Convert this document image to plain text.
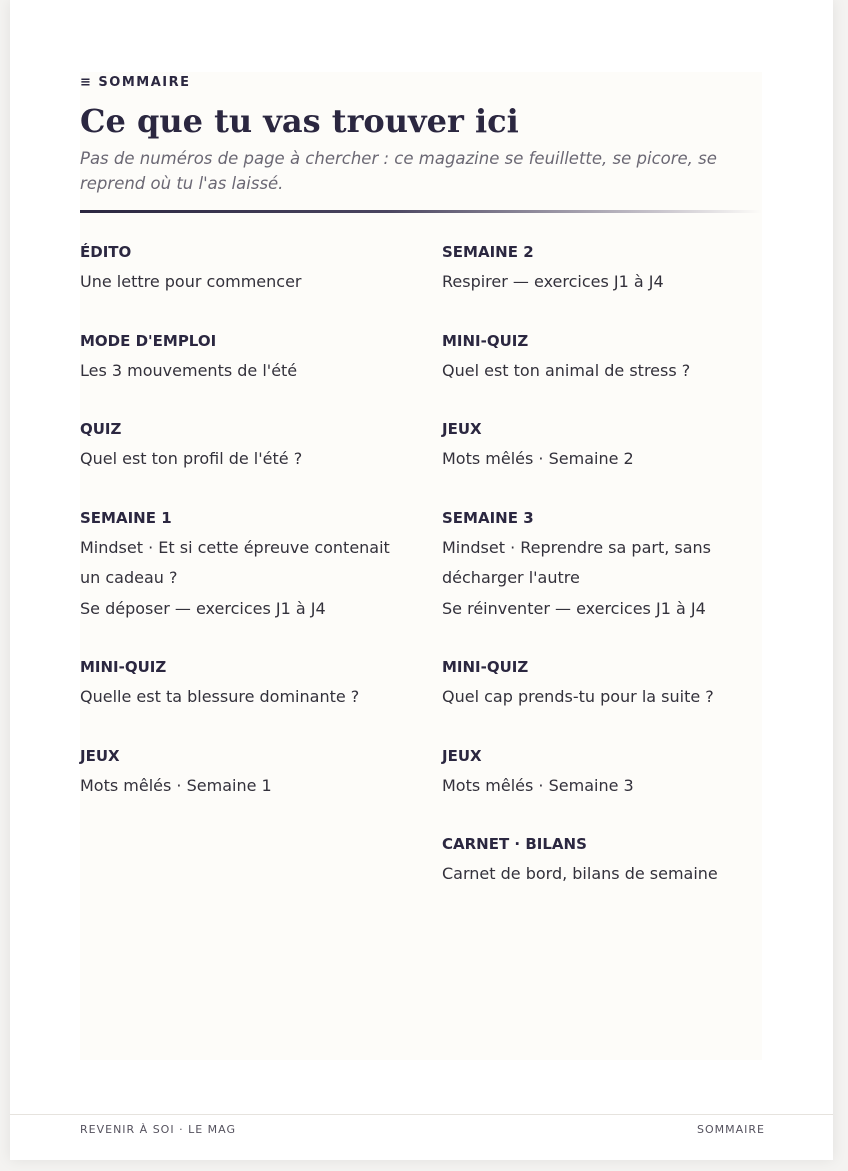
≡ SOMMAIRE
Ce que tu vas trouver ici

Pas de numéros de page à chercher : ce magazine se feuillette, se picore, se reprend où tu l'as laissé.

ÉDITO
Une lettre pour commencer
MODE D'EMPLOI
Les 3 mouvements de l'été
QUIZ
Quel est ton profil de l'été ?
SEMAINE 1
Mindset · Et si cette épreuve contenait un cadeau ?
Se déposer — exercices J1 à J4
MINI-QUIZ
Quelle est ta blessure dominante ?
JEUX
Mots mêlés · Semaine 1
SEMAINE 2
Respirer — exercices J1 à J4
MINI-QUIZ
Quel est ton animal de stress ?
JEUX
Mots mêlés · Semaine 2
SEMAINE 3
Mindset · Reprendre sa part, sans décharger l'autre
Se réinventer — exercices J1 à J4
MINI-QUIZ
Quel cap prends-tu pour la suite ?
JEUX
Mots mêlés · Semaine 3
CARNET · BILANS
Carnet de bord, bilans de semaine
REVENIR À SOI · LE MAG	SOMMAIRE
